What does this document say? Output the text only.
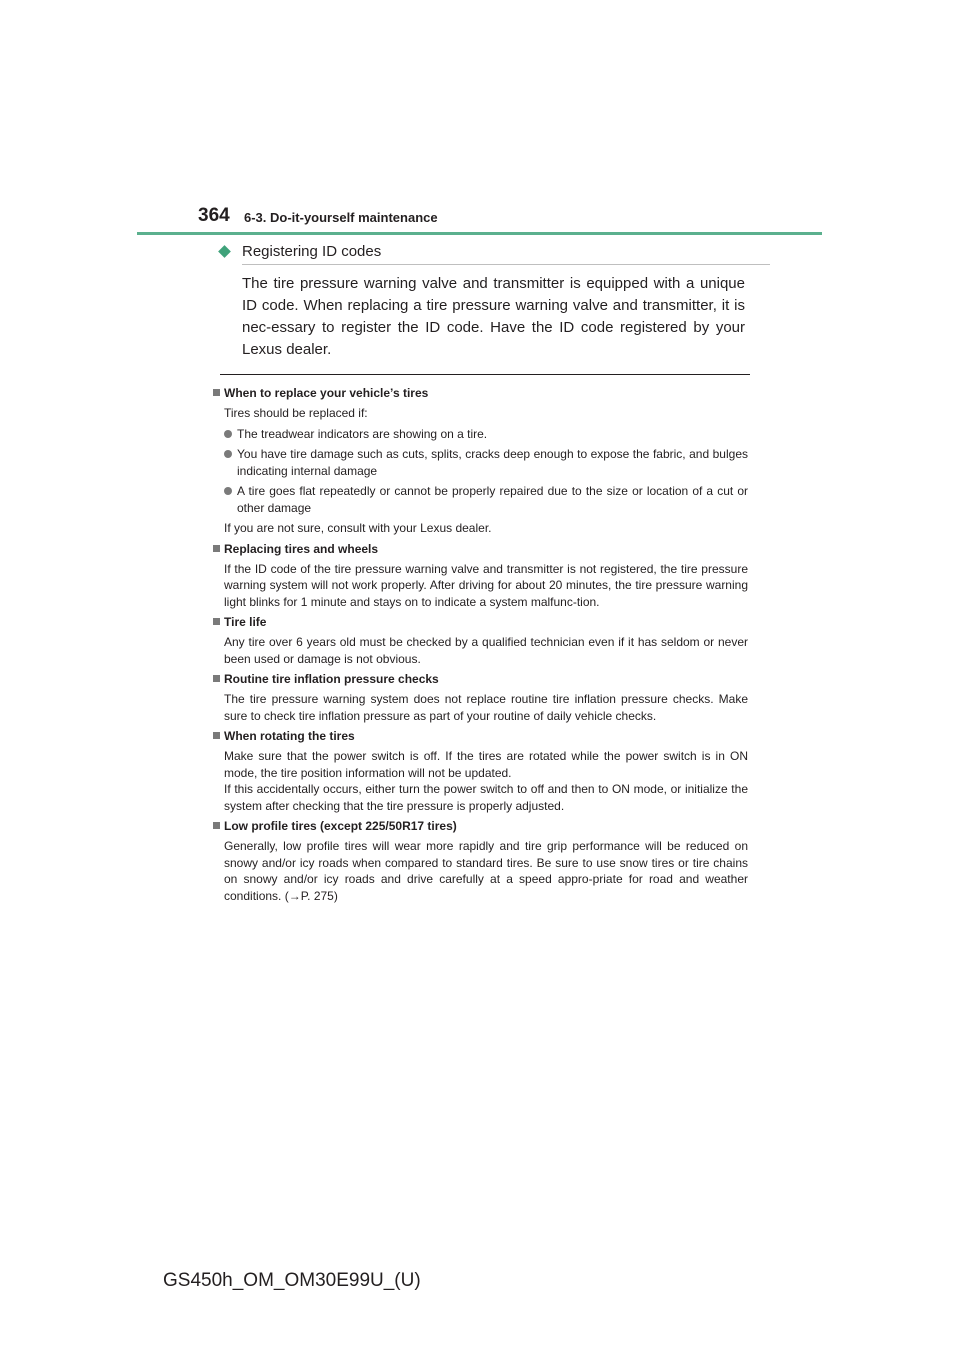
364 6-3. Do-it-yourself maintenance
Registering ID codes

The tire pressure warning valve and transmitter is equipped with a unique ID code. When replacing a tire pressure warning valve and transmitter, it is nec-essary to register the ID code. Have the ID code registered by your Lexus dealer.

When to replace your vehicle’s tires

Tires should be replaced if:

The treadwear indicators are showing on a tire.
You have tire damage such as cuts, splits, cracks deep enough to expose the fabric, and bulges indicating internal damage
A tire goes flat repeatedly or cannot be properly repaired due to the size or location of a cut or other damage

If you are not sure, consult with your Lexus dealer.

Replacing tires and wheels

If the ID code of the tire pressure warning valve and transmitter is not registered, the tire pressure warning system will not work properly. After driving for about 20 minutes, the tire pressure warning light blinks for 1 minute and stays on to indicate a system malfunc-tion.

Tire life

Any tire over 6 years old must be checked by a qualified technician even if it has seldom or never been used or damage is not obvious.

Routine tire inflation pressure checks

The tire pressure warning system does not replace routine tire inflation pressure checks. Make sure to check tire inflation pressure as part of your routine of daily vehicle checks.

When rotating the tires

Make sure that the power switch is off. If the tires are rotated while the power switch is in ON mode, the tire position information will not be updated.

If this accidentally occurs, either turn the power switch to off and then to ON mode, or initialize the system after checking that the tire pressure is properly adjusted.

Low profile tires (except 225/50R17 tires)

Generally, low profile tires will wear more rapidly and tire grip performance will be reduced on snowy and/or icy roads when compared to standard tires. Be sure to use snow tires or tire chains on snowy and/or icy roads and drive carefully at a speed appro-priate for road and weather conditions. (→P. 275)

GS450h_OM_OM30E99U_(U)
